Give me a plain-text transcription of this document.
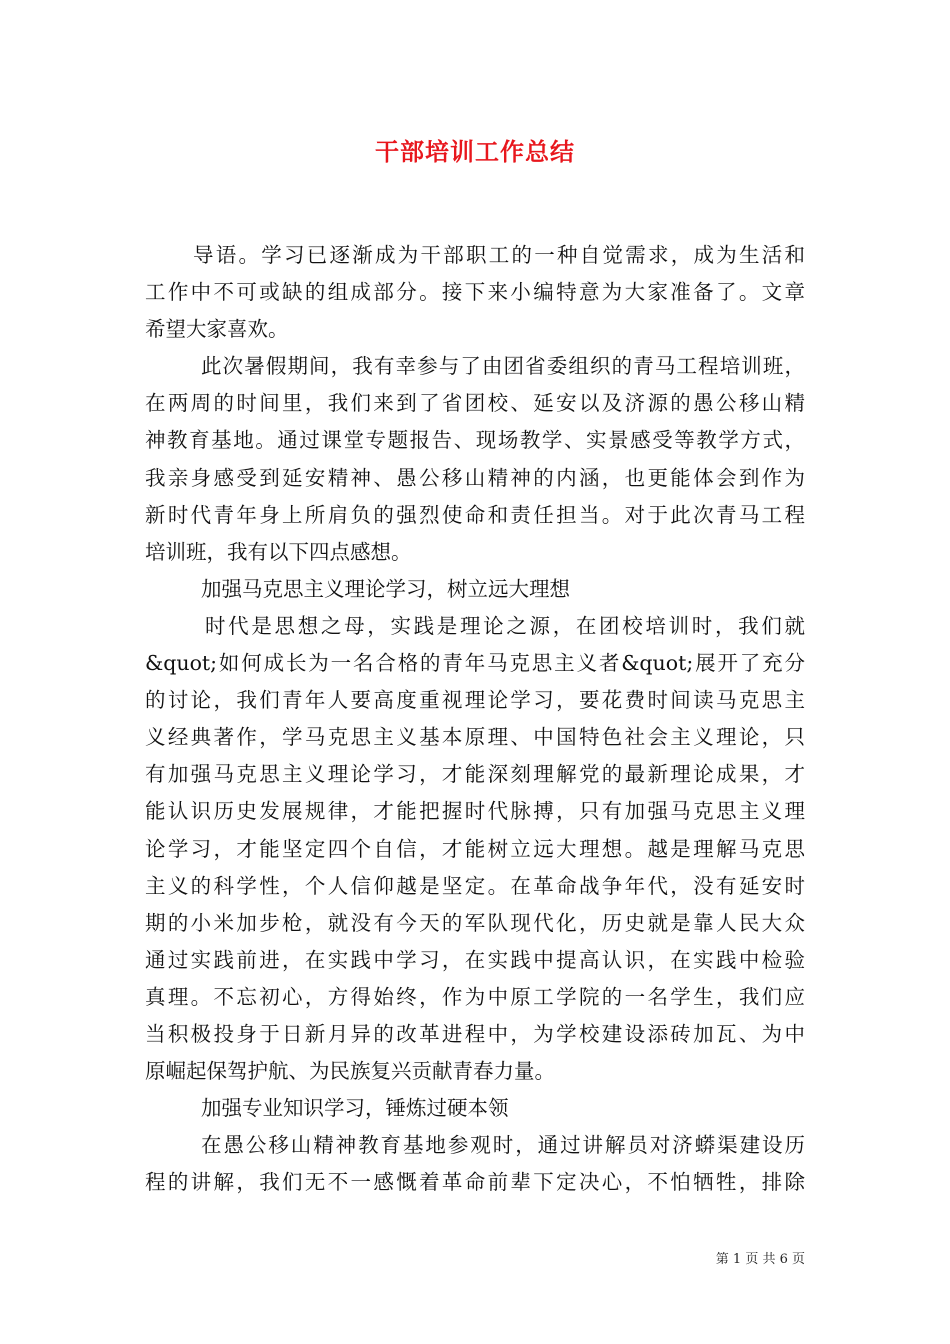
干部培训工作总结
导语。学习已逐渐成为干部职工的一种自觉需求，成为生活和
工作中不可或缺的组成部分。接下来小编特意为大家准备了。文章
希望大家喜欢。
此次暑假期间，我有幸参与了由团省委组织的青马工程培训班，
在两周的时间里，我们来到了省团校、延安以及济源的愚公移山精
神教育基地。通过课堂专题报告、现场教学、实景感受等教学方式，
我亲身感受到延安精神、愚公移山精神的内涵，也更能体会到作为
新时代青年身上所肩负的强烈使命和责任担当。对于此次青马工程
培训班，我有以下四点感想。
加强马克思主义理论学习，树立远大理想
时代是思想之母，实践是理论之源，在团校培训时，我们就
&quot;如何成长为一名合格的青年马克思主义者&quot;展开了充分
的讨论，我们青年人要高度重视理论学习，要花费时间读马克思主
义经典著作，学马克思主义基本原理、中国特色社会主义理论，只
有加强马克思主义理论学习，才能深刻理解党的最新理论成果，才
能认识历史发展规律，才能把握时代脉搏，只有加强马克思主义理
论学习，才能坚定四个自信，才能树立远大理想。越是理解马克思
主义的科学性，个人信仰越是坚定。在革命战争年代，没有延安时
期的小米加步枪，就没有今天的军队现代化，历史就是靠人民大众
通过实践前进，在实践中学习，在实践中提高认识，在实践中检验
真理。不忘初心，方得始终，作为中原工学院的一名学生，我们应
当积极投身于日新月异的改革进程中，为学校建设添砖加瓦、为中
原崛起保驾护航、为民族复兴贡献青春力量。
加强专业知识学习，锤炼过硬本领
在愚公移山精神教育基地参观时，通过讲解员对济蟒渠建设历
程的讲解，我们无不一感慨着革命前辈下定决心，不怕牺牲，排除
第 1 页 共 6 页
